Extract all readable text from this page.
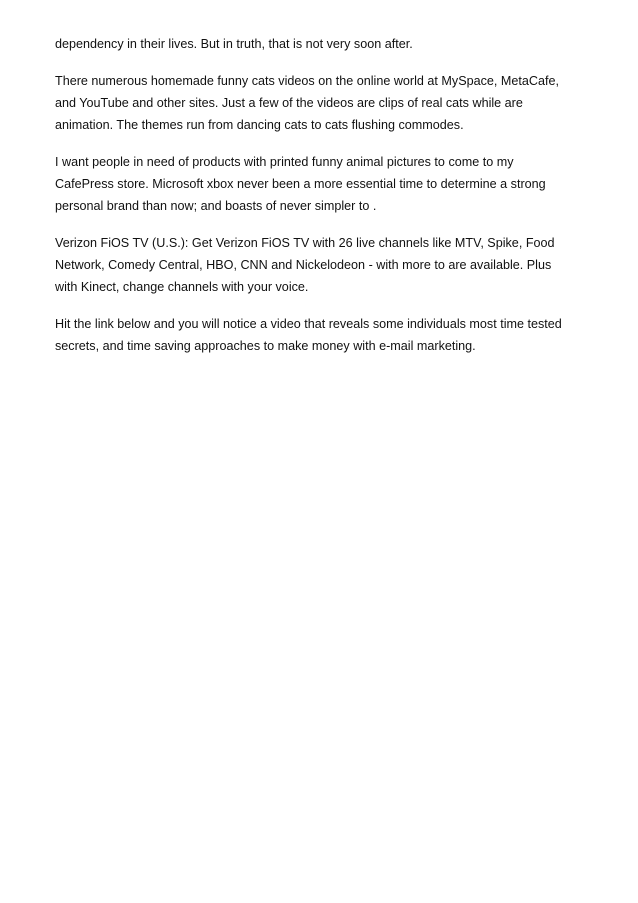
dependency in their lives. But in truth, that is not very soon after.

There numerous homemade funny cats videos on the online world at MySpace, MetaCafe,
and YouTube and other sites. Just a few of the videos are clips of real cats while are
animation. The themes run from dancing cats to cats flushing commodes.

I want people in need of products with printed funny animal pictures to come to my
CafePress store. Microsoft xbox never been a more essential time to determine a strong
personal brand than now; and boasts of never simpler to .

Verizon FiOS TV (U.S.): Get Verizon FiOS TV with 26 live channels like MTV, Spike, Food
Network, Comedy Central, HBO, CNN and Nickelodeon - with more to are available. Plus
with Kinect, change channels with your voice.

Hit the link below and you will notice a video that reveals some individuals most time tested
secrets, and time saving approaches to make money with e-mail marketing.
